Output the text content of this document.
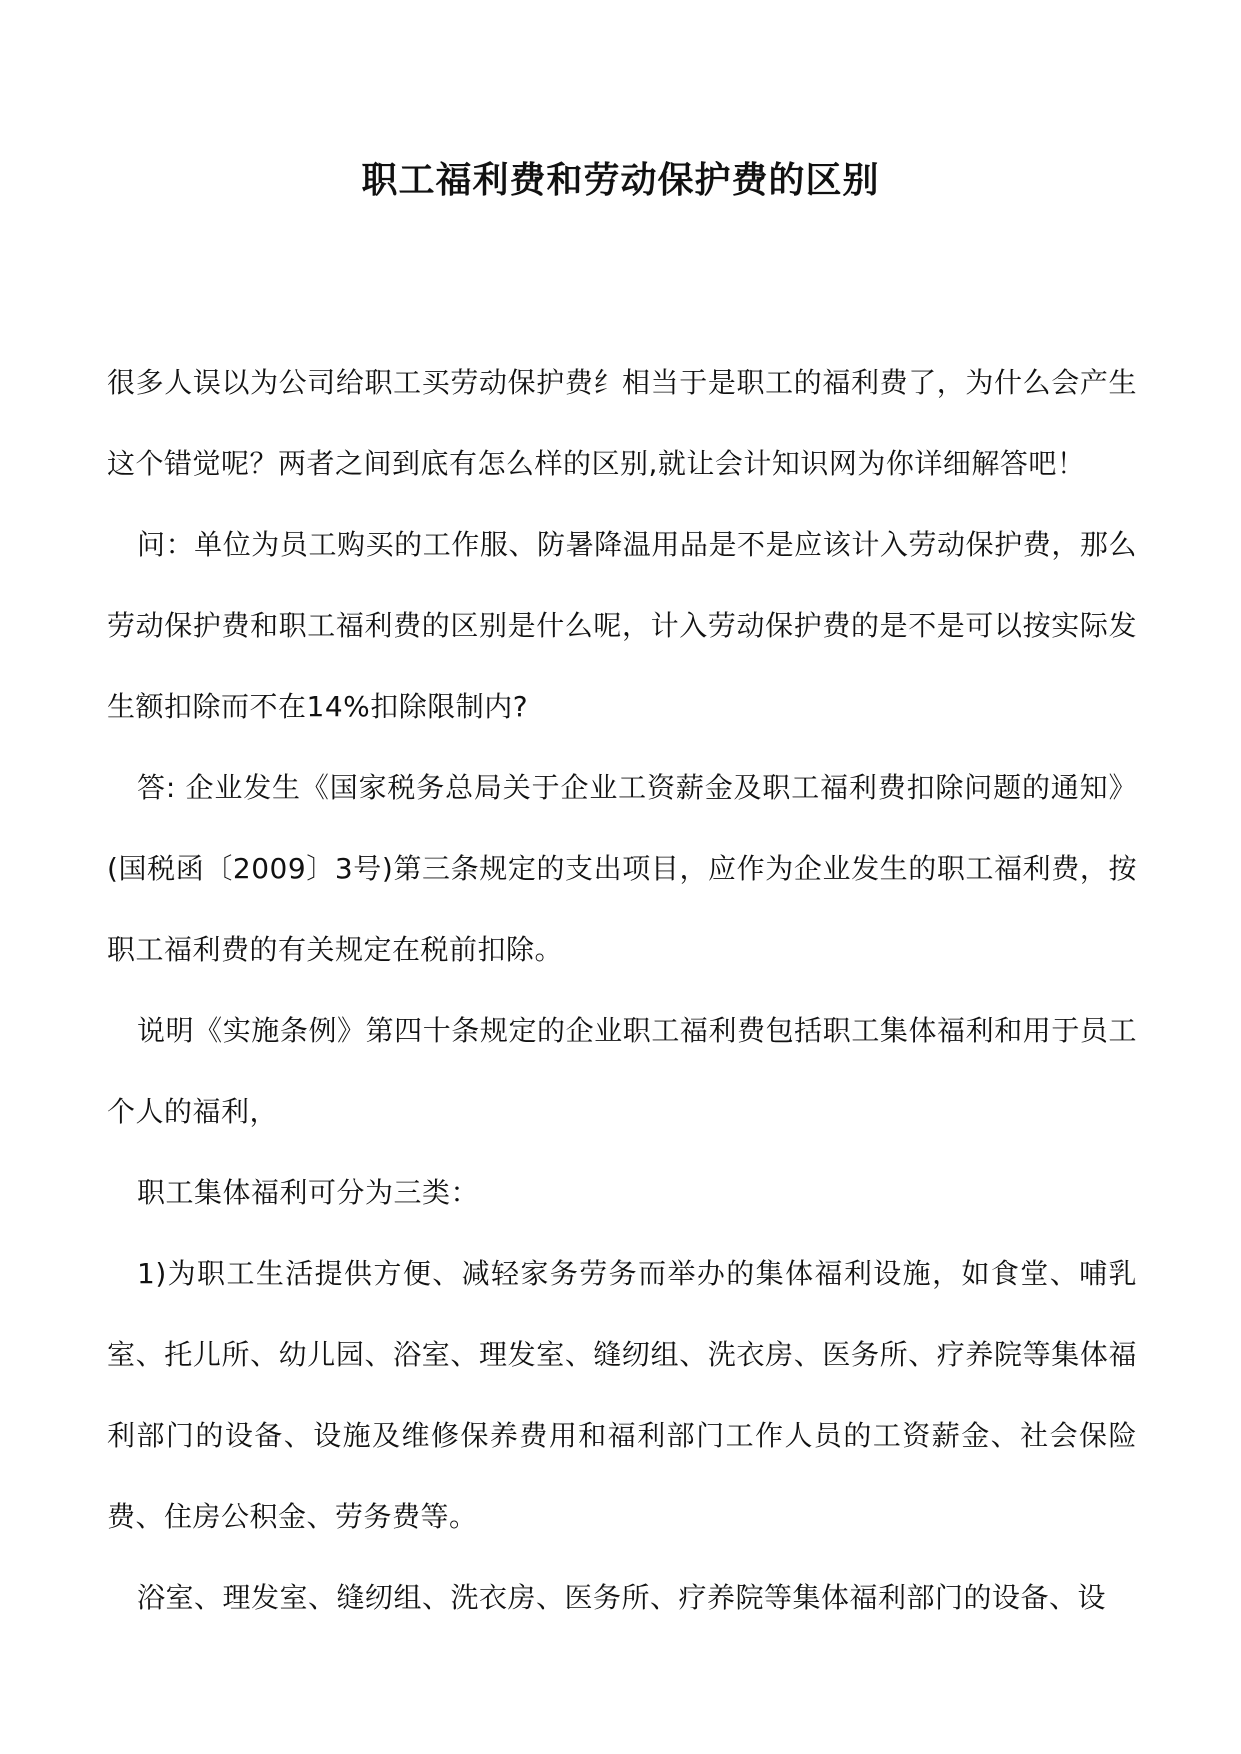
职工福利费和劳动保护费的区别

很多人误以为公司给职工买劳动保护费纟相当于是职工的福利费了，为什么会产生这个错觉呢？两者之间到底有怎么样的区别,就让会计知识网为你详细解答吧！

问：单位为员工购买的工作服、防暑降温用品是不是应该计入劳动保护费，那么劳动保护费和职工福利费的区别是什么呢，计入劳动保护费的是不是可以按实际发生额扣除而不在14%扣除限制内?

答: 企业发生《国家税务总局关于企业工资薪金及职工福利费扣除问题的通知》(国税函〔2009〕3号)第三条规定的支出项目，应作为企业发生的职工福利费，按职工福利费的有关规定在税前扣除。

说明《实施条例》第四十条规定的企业职工福利费包括职工集体福利和用于员工个人的福利，

职工集体福利可分为三类：

1)为职工生活提供方便、减轻家务劳务而举办的集体福利设施，如食堂、哺乳室、托儿所、幼儿园、浴室、理发室、缝纫组、洗衣房、医务所、疗养院等集体福利部门的设备、设施及维修保养费用和福利部门工作人员的工资薪金、社会保险费、住房公积金、劳务费等。

浴室、理发室、缝纫组、洗衣房、医务所、疗养院等集体福利部门的设备、设
